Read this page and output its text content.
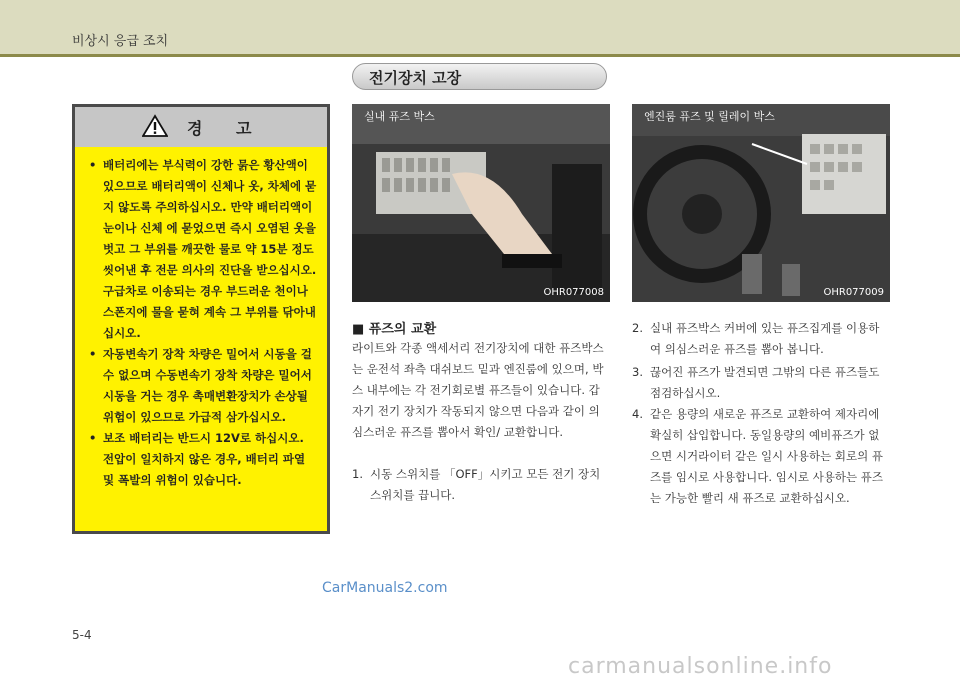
비상시 응급 조치
전기장치 고장
경 고
• 배터리에는 부식력이 강한 묽은 황산액이 있으므로 배터리액이 신체나 옷, 차체에 묻지 않도록 주의하십시오. 만약 배터리액이 눈이나 신체 에 묻었으면 즉시 오염된 옷을 벗고 그 부위를 깨끗한 물로 약 15분 정도 씻어낸 후 전문 의사의 진단을 받으십시오. 구급차로 이송되는 경우 부드러운 천이나 스폰지에 물을 묻혀 계속 그 부위를 닦아내십시오.
• 자동변속기 장착 차량은 밀어서 시동을 걸 수 없으며 수동변속기 장착 차량은 밀어서 시동을 거는 경우 촉매변환장치가 손상될 위험이 있으므로 가급적 삼가십시오.
• 보조 배터리는 반드시 12V로 하십시오. 전압이 일치하지 않은 경우, 배터리 파열 및 폭발의 위험이 있습니다.
실내 퓨즈 박스
OHR077008
엔진룸 퓨즈 및 릴레이 박스
OHR077009
■ 퓨즈의 교환
라이트와 각종 액세서리 전기장치에 대한 퓨즈박스는 운전석 좌측 대쉬보드 밑과 엔진룸에 있으며, 박스 내부에는 각 전기회로별 퓨즈들이 있습니다. 갑자기 전기 장치가 작동되지 않으면 다음과 같이 의심스러운 퓨즈를 뽑아서 확인/ 교환합니다.
1. 시동 스위치를 「OFF」시키고 모든 전기 장치 스위치를 끕니다.
2. 실내 퓨즈박스 커버에 있는 퓨즈집게를 이용하여 의심스러운 퓨즈를 뽑아 봅니다.
3. 끊어진 퓨즈가 발견되면 그밖의 다른 퓨즈들도 점검하십시오.
4. 같은 용량의 새로운 퓨즈로 교환하여 제자리에 확실히 삽입합니다. 동일용량의 예비퓨즈가 없으면 시거라이터 같은 일시 사용하는 회로의 퓨즈를 임시로 사용합니다. 임시로 사용하는 퓨즈는 가능한 빨리 새 퓨즈로 교환하십시오.
CarManuals2.com
5-4
carmanualsonline.info
